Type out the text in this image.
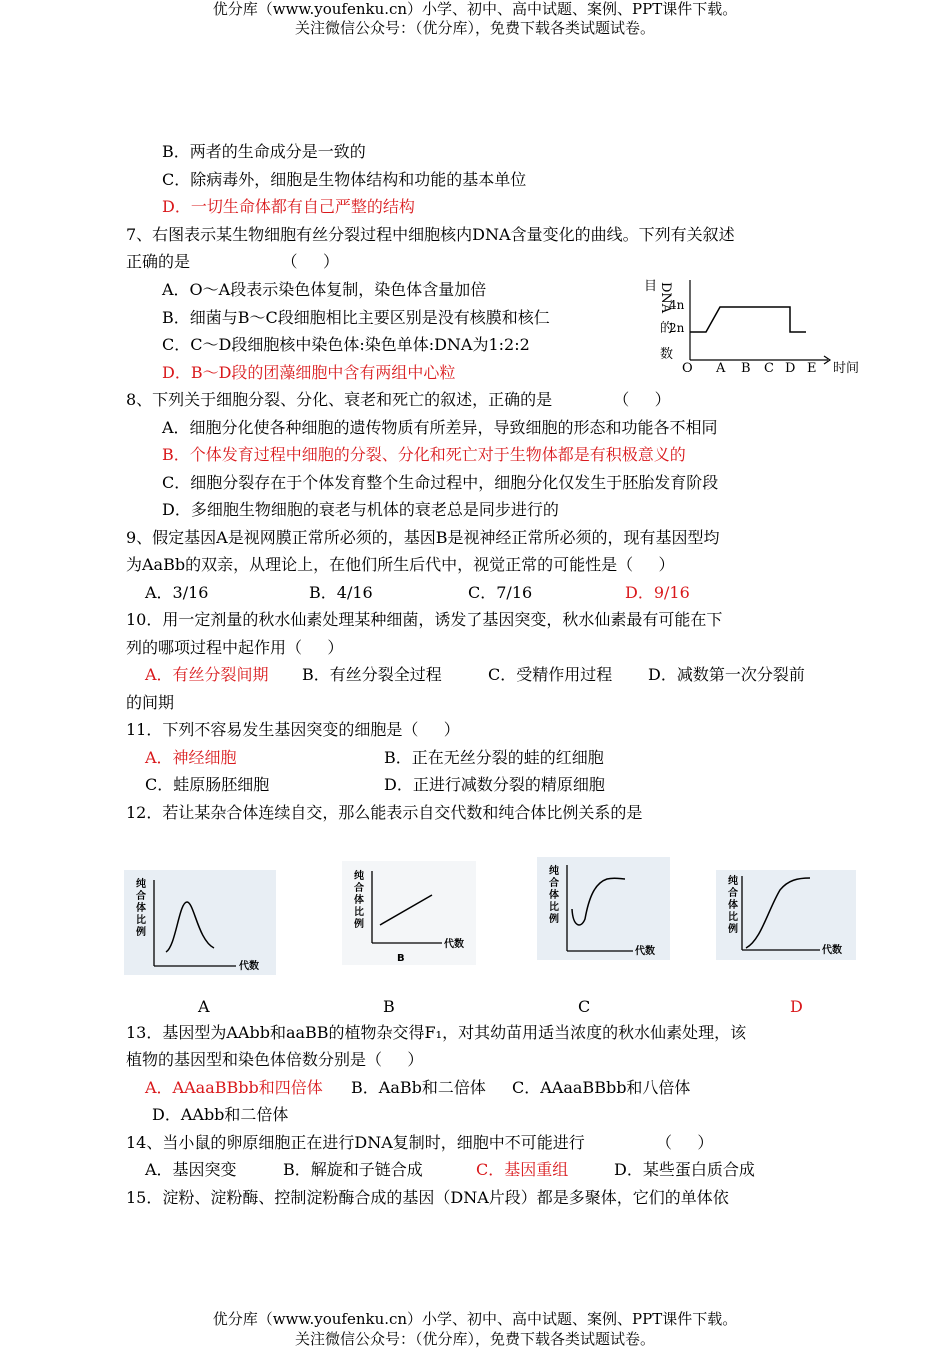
优分库（www.youfenku.cn）小学、初中、高中试题、案例、PPT课件下载。
关注微信公众号：（优分库），免费下载各类试题试卷。
B．两者的生命成分是一致的
C．除病毒外，细胞是生物体结构和功能的基本单位
D．一切生命体都有自己严整的结构
7、右图表示某生物细胞有丝分裂过程中细胞核内DNA含量变化的曲线。下列有关叙述
正确的是                  （     ）
A．O～A段表示染色体复制，染色体含量加倍
B．细菌与B～C段细胞相比主要区别是没有核膜和核仁
C．C～D段细胞核中染色体:染色单体:DNA为1:2:2
D．B～D段的团藻细胞中含有两组中心粒
目 DNA
的
数
4n
2n
O A B C D E 时间
8、下列关于细胞分裂、分化、衰老和死亡的叙述，正确的是            （     ）
A．细胞分化使各种细胞的遗传物质有所差异，导致细胞的形态和功能各不相同
B．个体发育过程中细胞的分裂、分化和死亡对于生物体都是有积极意义的
C．细胞分裂存在于个体发育整个生命过程中，细胞分化仅发生于胚胎发育阶段
D．多细胞生物细胞的衰老与机体的衰老总是同步进行的
9、假定基因A是视网膜正常所必须的，基因B是视神经正常所必须的，现有基因型均
为AaBb的双亲，从理论上，在他们所生后代中，视觉正常的可能性是（     ）
A．3/16	B．4/16	C．7/16	D．9/16
10．用一定剂量的秋水仙素处理某种细菌，诱发了基因突变，秋水仙素最有可能在下
列的哪项过程中起作用（     ）
A．有丝分裂间期 B．有丝分裂全过程	C．受精作用过程 D．减数第一次分裂前
的间期
11．下列不容易发生基因突变的细胞是（     ）
A．神经细胞	B．正在无丝分裂的蛙的红细胞
C．蛙原肠胚细胞	D．正进行减数分裂的精原细胞
12．若让某杂合体连续自交，那么能表示自交代数和纯合体比例关系的是
纯合体比例
代数
纯合体比例
代数
B
纯合体比例
代数
纯合体比例
代数
A	B	C	D
13．基因型为AAbb和aaBB的植物杂交得F₁，对其幼苗用适当浓度的秋水仙素处理，该
植物的基因型和染色体倍数分别是（     ）
A．AAaaBBbb和四倍体 B．AaBb和二倍体 C．AAaaBBbb和八倍体
D．AAbb和二倍体
14、当小鼠的卵原细胞正在进行DNA复制时，细胞中不可能进行              （     ）
A．基因突变	B．解旋和子链合成	C．基因重组	D．某些蛋白质合成
15．淀粉、淀粉酶、控制淀粉酶合成的基因（DNA片段）都是多聚体，它们的单体依
优分库（www.youfenku.cn）小学、初中、高中试题、案例、PPT课件下载。
关注微信公众号：（优分库），免费下载各类试题试卷。
